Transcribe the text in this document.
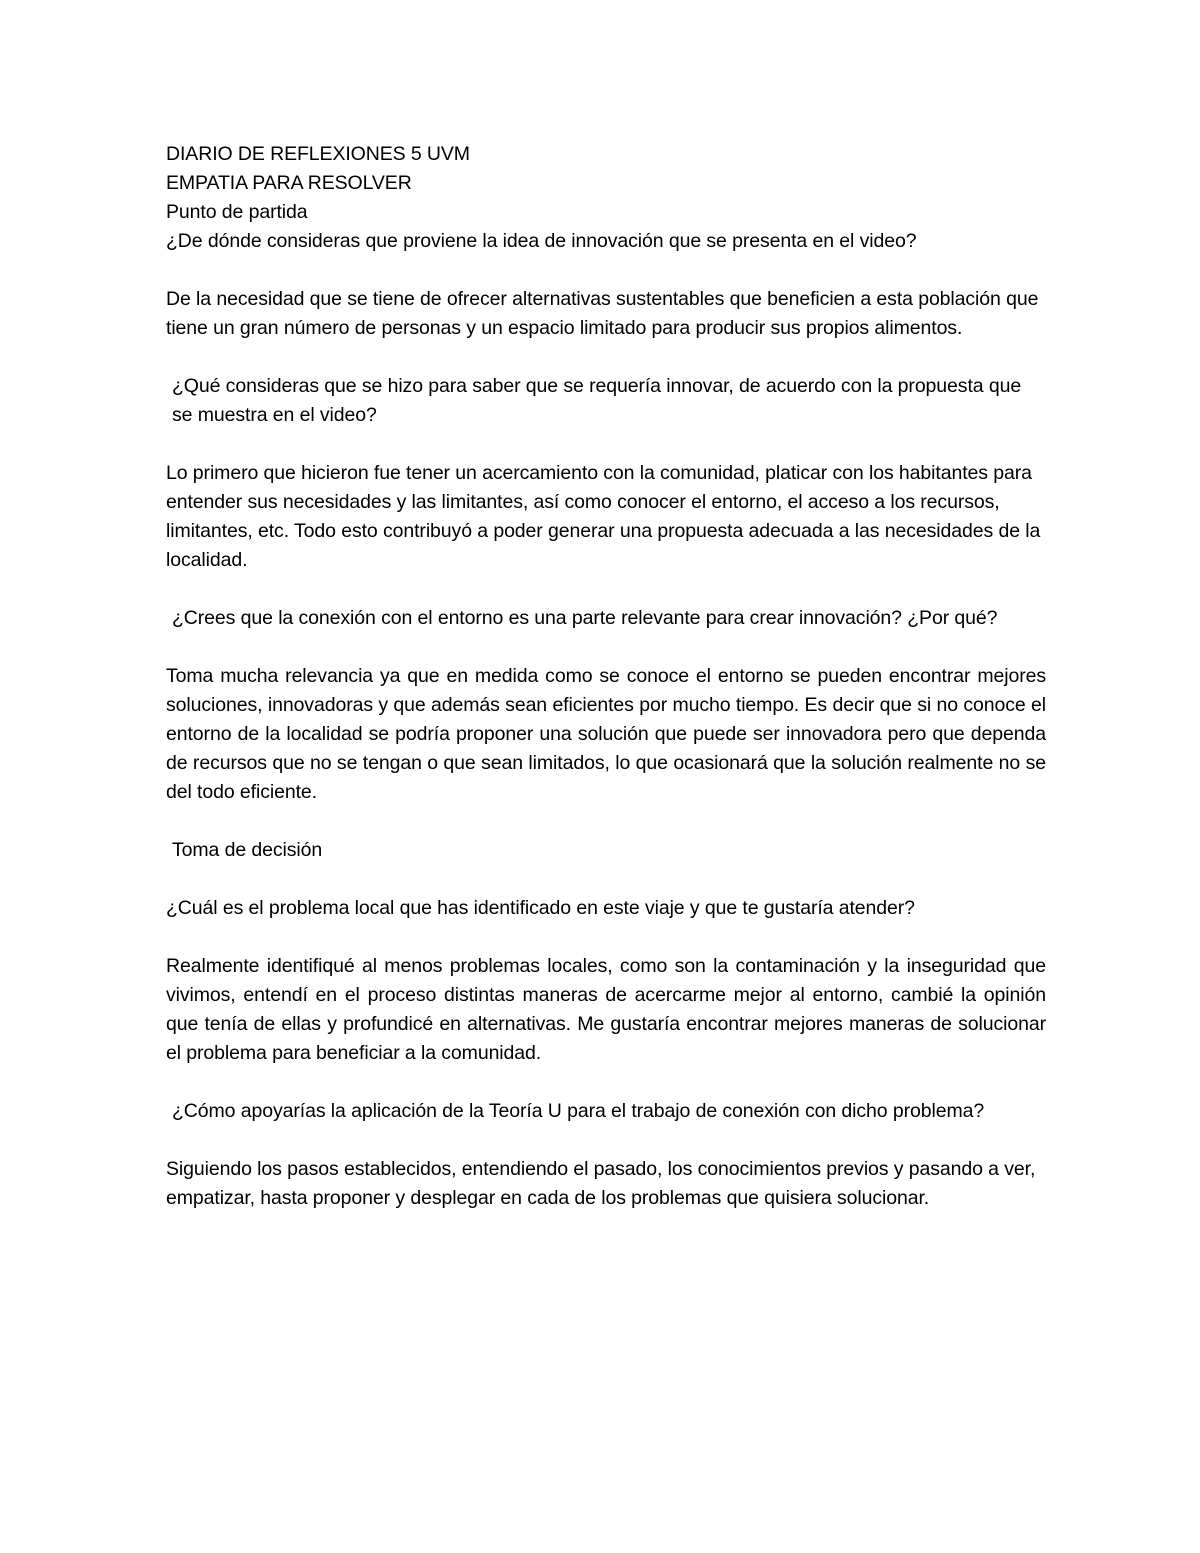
DIARIO DE REFLEXIONES 5 UVM

EMPATIA PARA RESOLVER

Punto de partida

¿De dónde consideras que proviene la idea de innovación que se presenta en el video?

De la necesidad que se tiene de ofrecer alternativas sustentables que beneficien a esta población que tiene un gran número de personas y un espacio limitado para producir sus propios alimentos.

¿Qué consideras que se hizo para saber que se requería innovar, de acuerdo con la propuesta que se muestra en el video?

Lo primero que hicieron fue tener un acercamiento con la comunidad, platicar con los habitantes para entender sus necesidades y las limitantes, así como conocer el entorno, el acceso a los recursos, limitantes, etc. Todo esto contribuyó a poder generar una propuesta adecuada a las necesidades de la localidad.

¿Crees que la conexión con el entorno es una parte relevante para crear innovación? ¿Por qué?

Toma mucha relevancia ya que en medida como se conoce el entorno se pueden encontrar mejores soluciones, innovadoras y que además sean eficientes por mucho tiempo. Es decir que si no conoce el entorno de la localidad se podría proponer una solución que puede ser innovadora pero que dependa de recursos que no se tengan o que sean limitados, lo que ocasionará que la solución realmente no se del todo eficiente.

Toma de decisión

¿Cuál es el problema local que has identificado en este viaje y que te gustaría atender?

Realmente identifiqué al menos problemas locales, como son la contaminación y la inseguridad que vivimos, entendí en el proceso distintas maneras de acercarme mejor al entorno, cambié la opinión que tenía de ellas y profundicé en alternativas. Me gustaría encontrar mejores maneras de solucionar el problema para beneficiar a la comunidad.

¿Cómo apoyarías la aplicación de la Teoría U para el trabajo de conexión con dicho problema?

Siguiendo los pasos establecidos, entendiendo el pasado, los conocimientos previos y pasando a ver, empatizar, hasta proponer y desplegar en cada de los problemas que quisiera solucionar.
